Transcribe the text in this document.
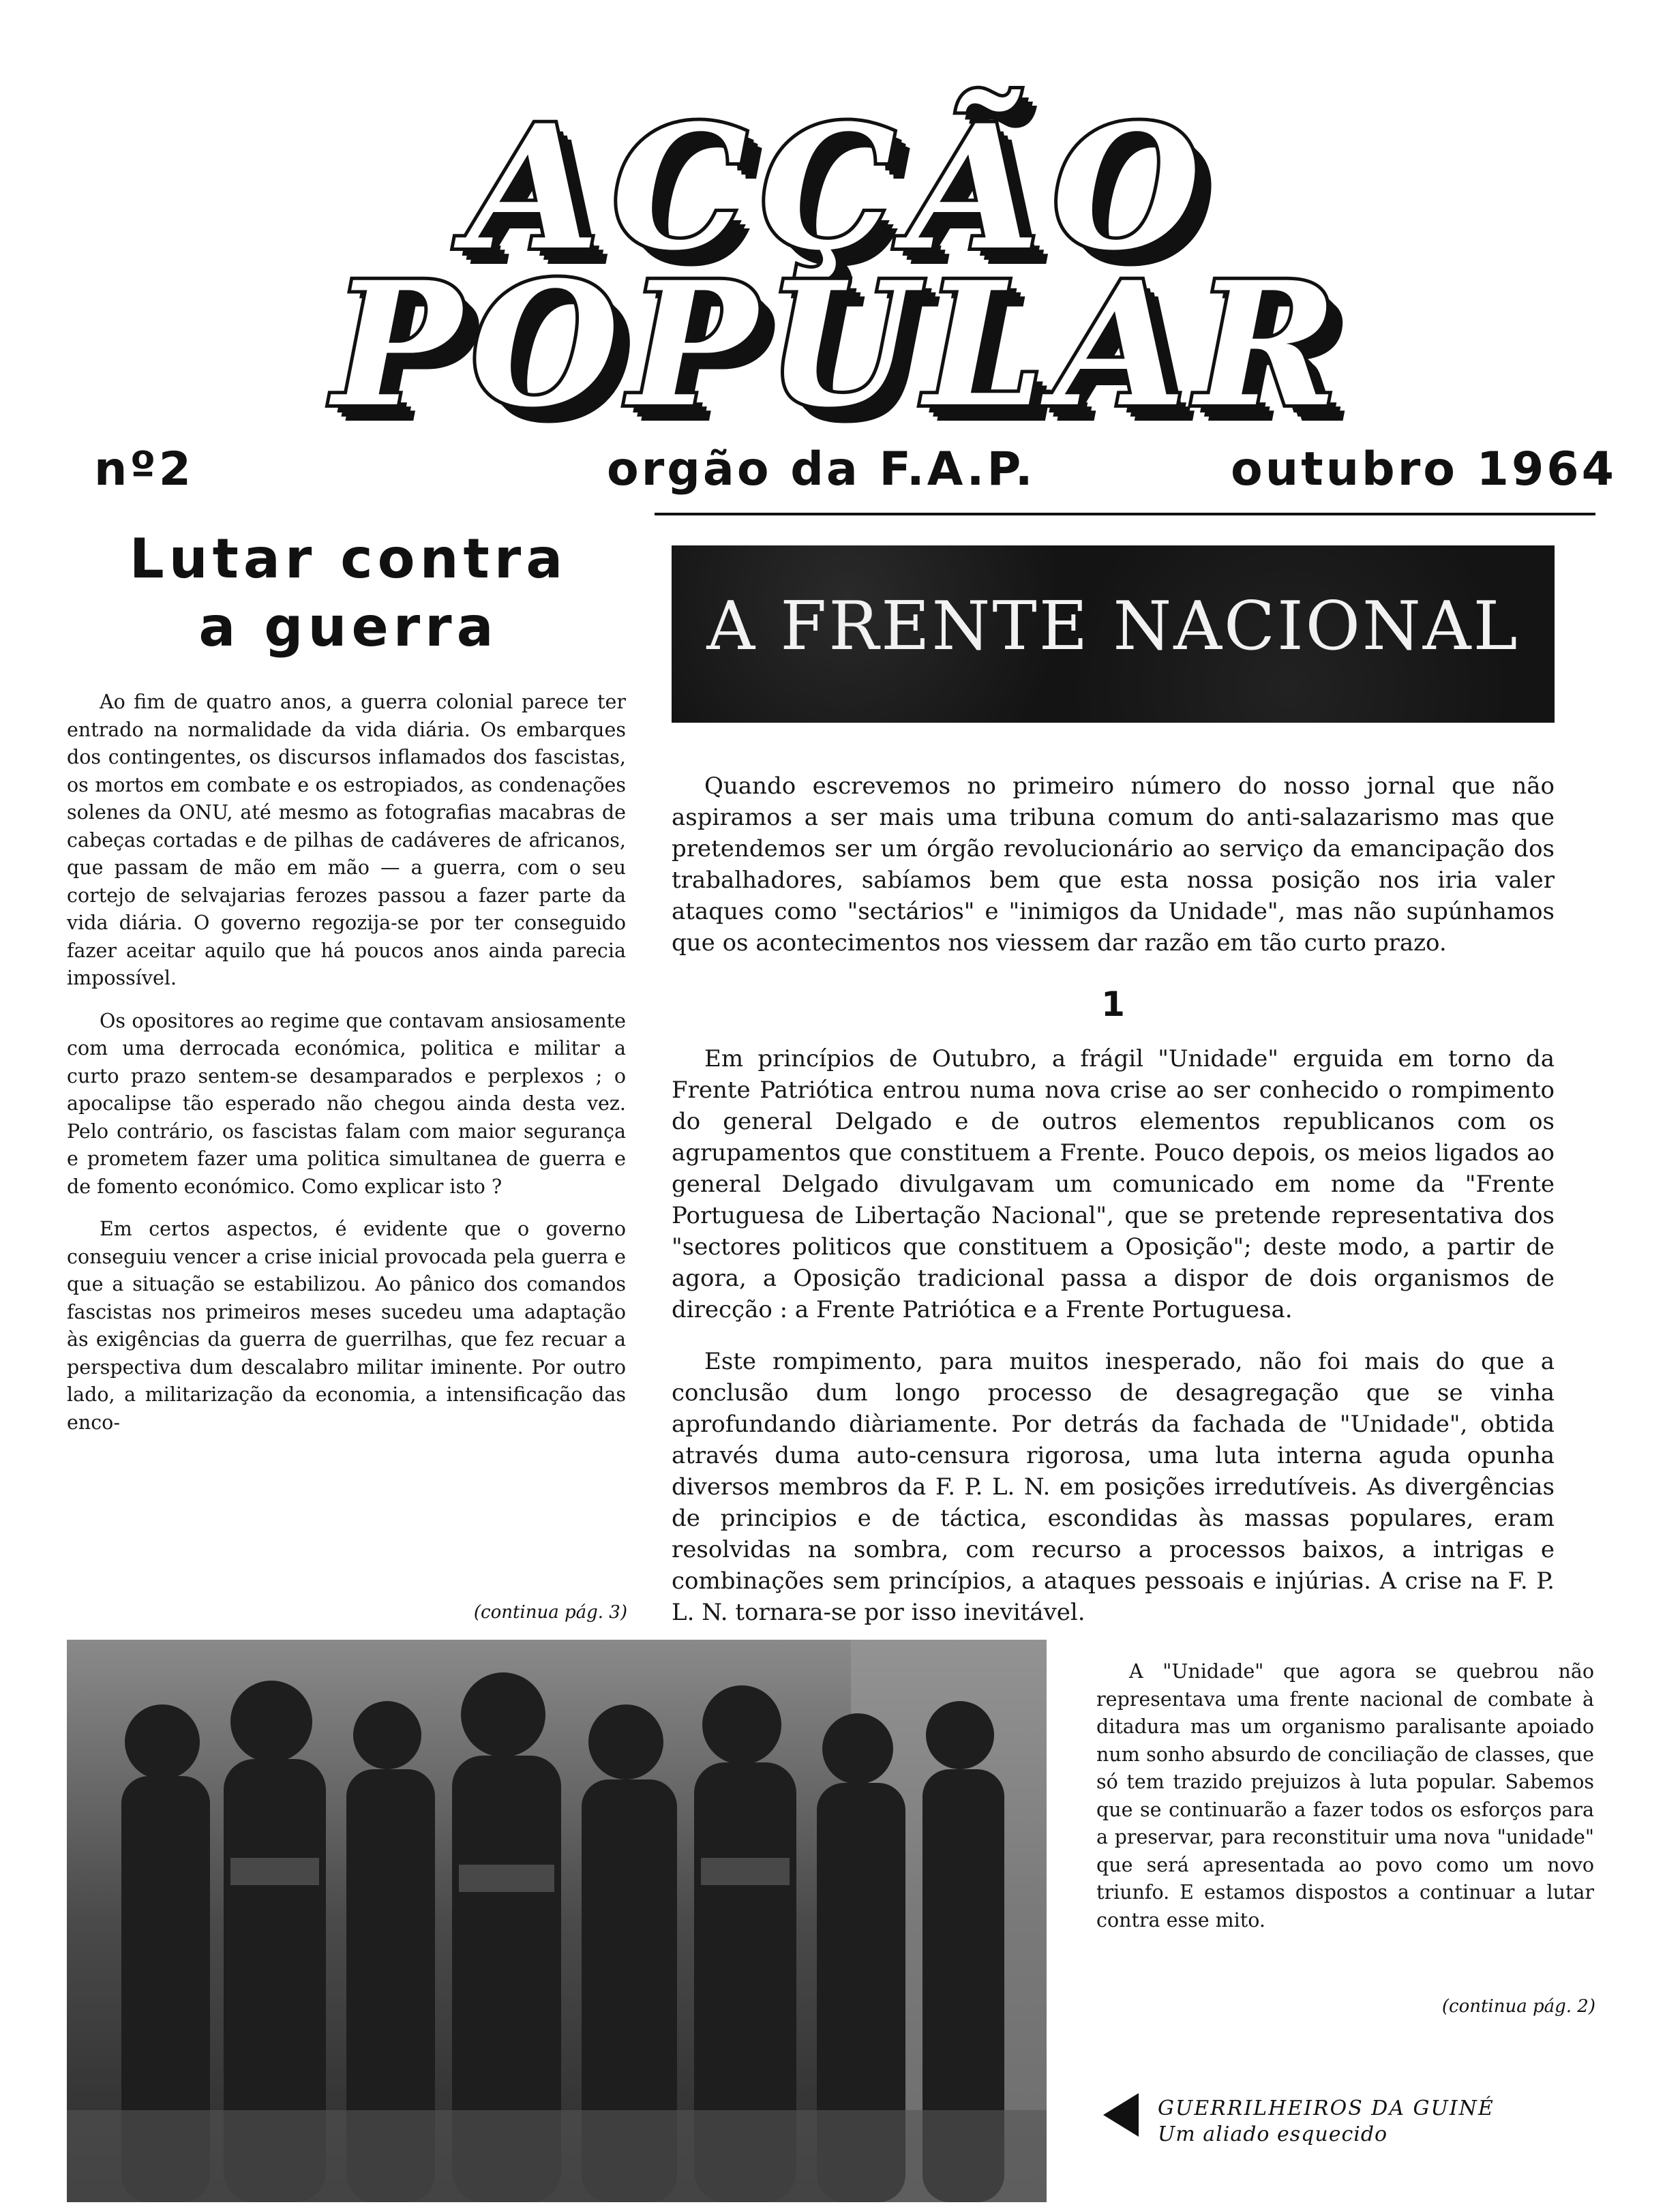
ACÇÃO
POPULAR
nº2	orgão da F.A.P.	outubro 1964
Lutar contra
a guerra

Ao fim de quatro anos, a guerra colonial parece ter entrado na normalidade da vida diária. Os embarques dos contingentes, os discursos inflamados dos fascistas, os mortos em combate e os estropiados, as condenações solenes da ONU, até mesmo as fotografias macabras de cabeças cortadas e de pilhas de cadáveres de africanos, que passam de mão em mão — a guerra, com o seu cortejo de selvajarias ferozes passou a fazer parte da vida diária. O governo regozija-se por ter conseguido fazer aceitar aquilo que há poucos anos ainda parecia impossível.

Os opositores ao regime que contavam ansiosamente com uma derrocada económica, politica e militar a curto prazo sentem-se desamparados e perplexos ; o apocalipse tão esperado não chegou ainda desta vez. Pelo contrário, os fascistas falam com maior segurança e prometem fazer uma politica simultanea de guerra e de fomento económico. Como explicar isto ?

Em certos aspectos, é evidente que o governo conseguiu vencer a crise inicial provocada pela guerra e que a situação se estabilizou. Ao pânico dos comandos fascistas nos primeiros meses sucedeu uma adaptação às exigências da guerra de guerrilhas, que fez recuar a perspectiva dum descalabro militar iminente. Por outro lado, a militarização da economia, a intensificação das enco-

(continua pág. 3)
A FRENTE NACIONAL

Quando escrevemos no primeiro número do nosso jornal que não aspiramos a ser mais uma tribuna comum do anti-salazarismo mas que pretendemos ser um órgão revolucionário ao serviço da emancipação dos trabalhadores, sabíamos bem que esta nossa posição nos iria valer ataques como "sectários" e "inimigos da Unidade", mas não supúnhamos que os acontecimentos nos viessem dar razão em tão curto prazo.

1

Em princípios de Outubro, a frágil "Unidade" erguida em torno da Frente Patriótica entrou numa nova crise ao ser conhecido o rompimento do general Delgado e de outros elementos republicanos com os agrupamentos que constituem a Frente. Pouco depois, os meios ligados ao general Delgado divulgavam um comunicado em nome da "Frente Portuguesa de Libertação Nacional", que se pretende representativa dos "sectores politicos que constituem a Oposição"; deste modo, a partir de agora, a Oposição tradicional passa a dispor de dois organismos de direcção : a Frente Patriótica e a Frente Portuguesa.

Este rompimento, para muitos inesperado, não foi mais do que a conclusão dum longo processo de desagregação que se vinha aprofundando diàriamente. Por detrás da fachada de "Unidade", obtida através duma auto-censura rigorosa, uma luta interna aguda opunha diversos membros da F. P. L. N. em posições irredutíveis. As divergências de principios e de táctica, escondidas às massas populares, eram resolvidas na sombra, com recurso a processos baixos, a intrigas e combinações sem princípios, a ataques pessoais e injúrias. A crise na F. P. L. N. tornara-se por isso inevitável.

A "Unidade" que agora se quebrou não representava uma frente nacional de combate à ditadura mas um organismo paralisante apoiado num sonho absurdo de conciliação de classes, que só tem trazido prejuizos à luta popular. Sabemos que se continuarão a fazer todos os esforços para a preservar, para reconstituir uma nova "unidade" que será apresentada ao povo como um novo triunfo. E estamos dispostos a continuar a lutar contra esse mito.

(continua pág. 2)
GUERRILHEIROS DA GUINÉ
Um aliado esquecido
